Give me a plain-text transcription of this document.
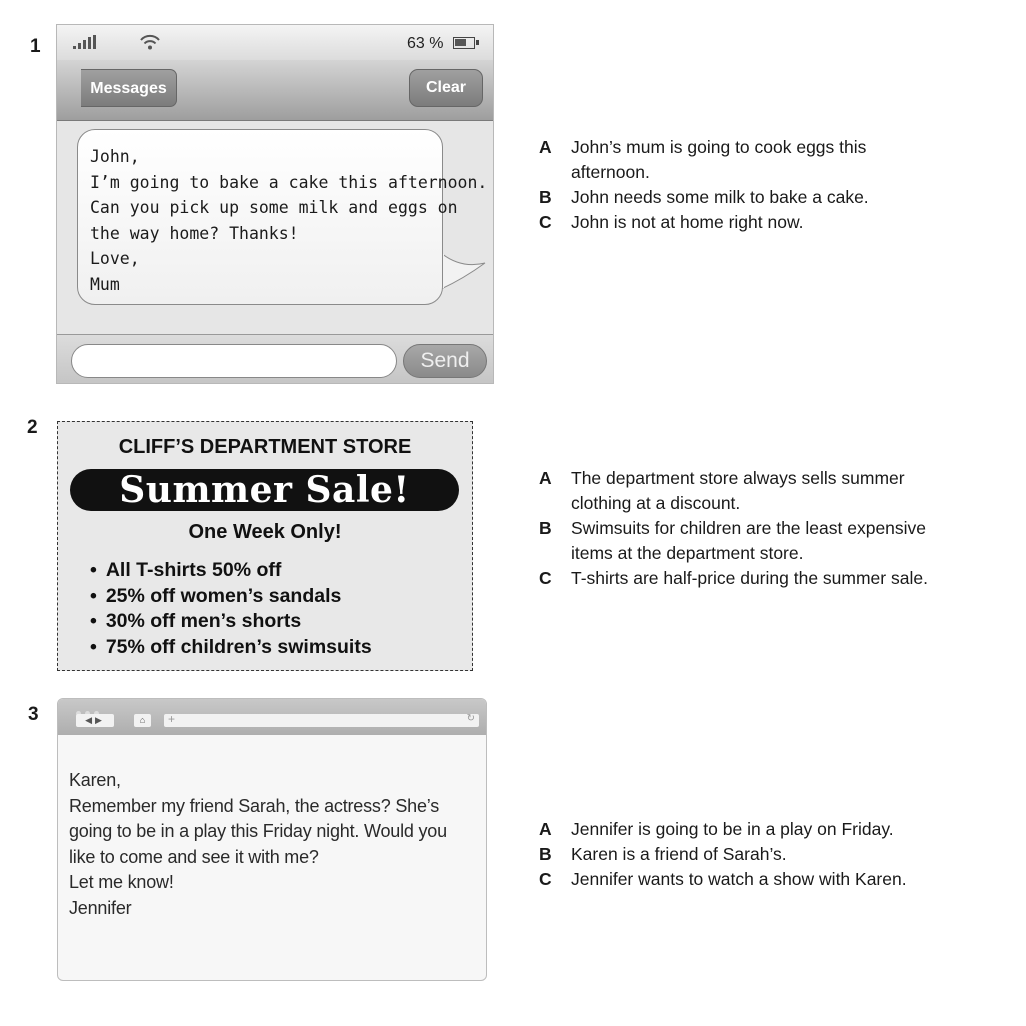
1	63 %
Messages	Clear

John,

I’m going to bake a cake this afternoon.

Can you pick up some milk and eggs on

the way home? Thanks!

Love,

Mum

Send
A John’s mum is going to cook eggs this afternoon.
B John needs some milk to bake a cake.
C John is not at home right now.
2
CLIFF’S DEPARTMENT STORE
Summer Sale!
One Week Only!
• All T-shirts 50% off
• 25% off women’s sandals
• 30% off men’s shorts
• 75% off children’s swimsuits
A The department store always sells summer clothing at a discount.
B Swimsuits for children are the least expensive items at the department store.
C T-shirts are half-price during the summer sale.
3	◀▶	⌂	+	↻

Karen,

Remember my friend Sarah, the actress? She’s

going to be in a play this Friday night. Would you

like to come and see it with me?

Let me know!

Jennifer

A Jennifer is going to be in a play on Friday.
B Karen is a friend of Sarah’s.
C Jennifer wants to watch a show with Karen.
